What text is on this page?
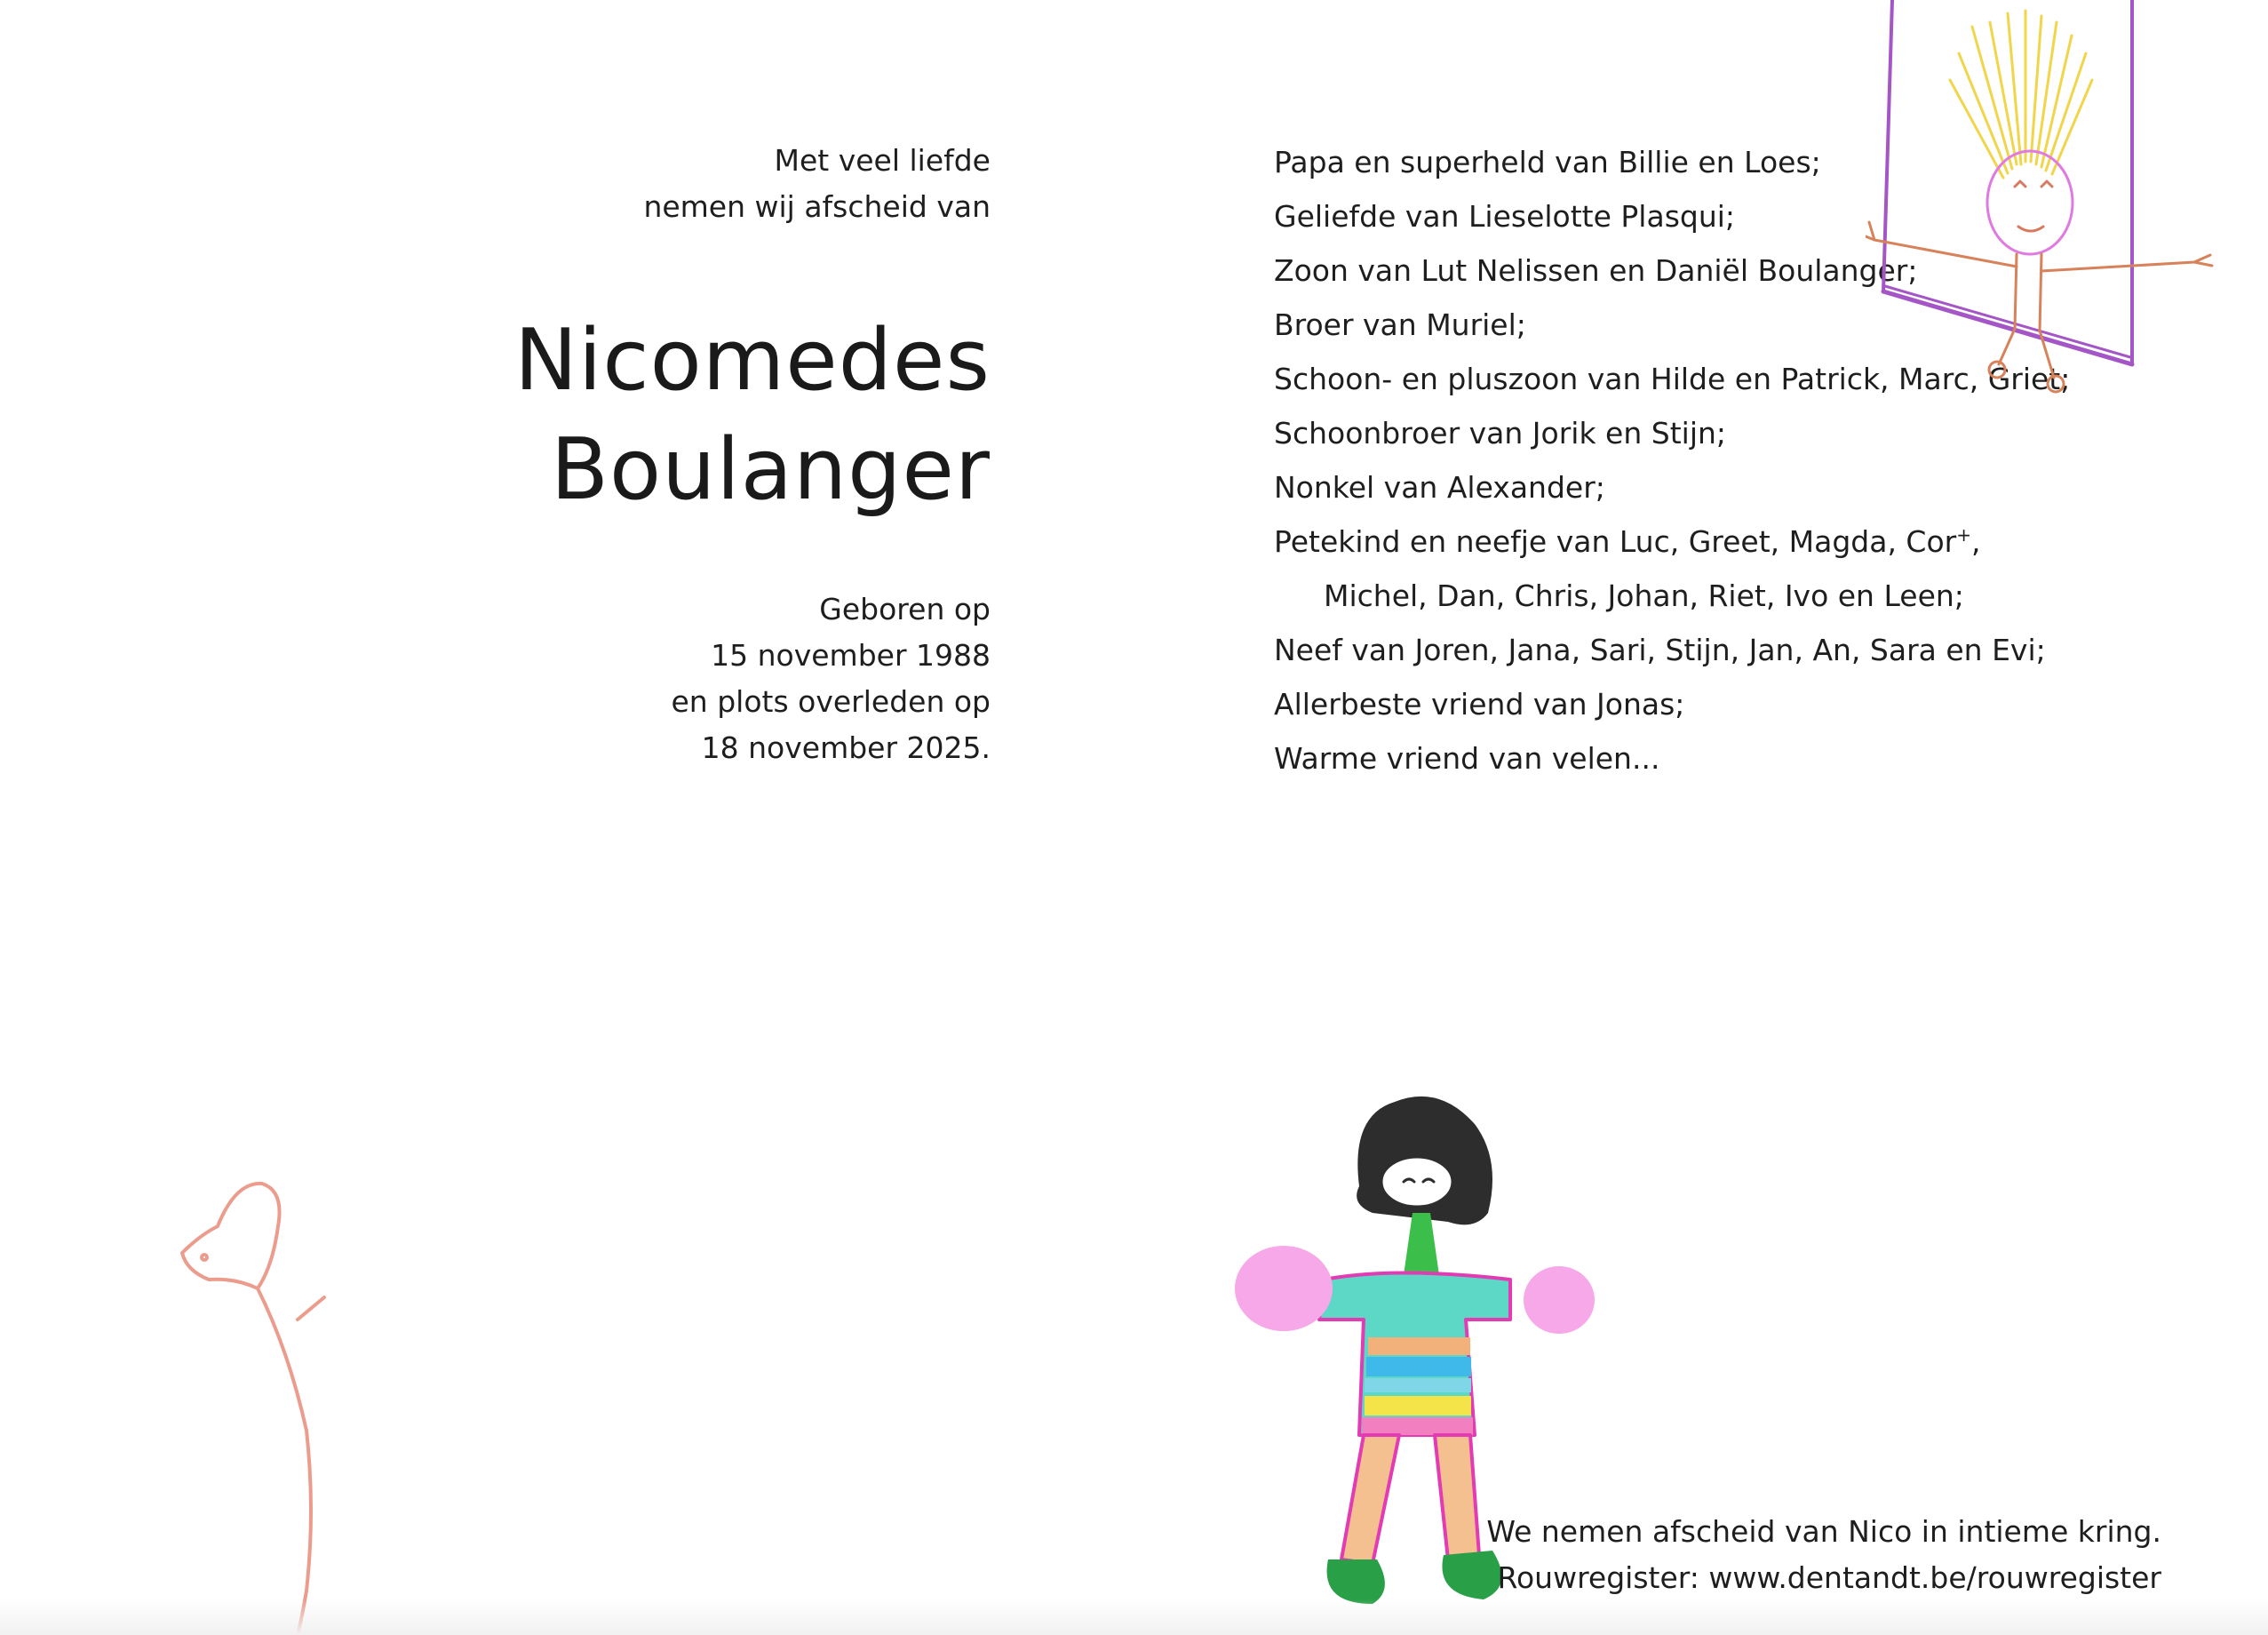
Met veel liefde
nemen wij afscheid van
Nicomedes
Boulanger
Geboren op
15 november 1988
en plots overleden op
18 november 2025.
Papa en superheld van Billie en Loes;
Geliefde van Lieselotte Plasqui;
Zoon van Lut Nelissen en Daniël Boulanger;
Broer van Muriel;
Schoon- en pluszoon van Hilde en Patrick, Marc, Griet;
Schoonbroer van Jorik en Stijn;
Nonkel van Alexander;
Petekind en neefje van Luc, Greet, Magda, Cor+,
Michel, Dan, Chris, Johan, Riet, Ivo en Leen;
Neef van Joren, Jana, Sari, Stijn, Jan, An, Sara en Evi;
Allerbeste vriend van Jonas;
Warme vriend van velen...
We nemen afscheid van Nico in intieme kring.
Rouwregister: www.dentandt.be/rouwregister
